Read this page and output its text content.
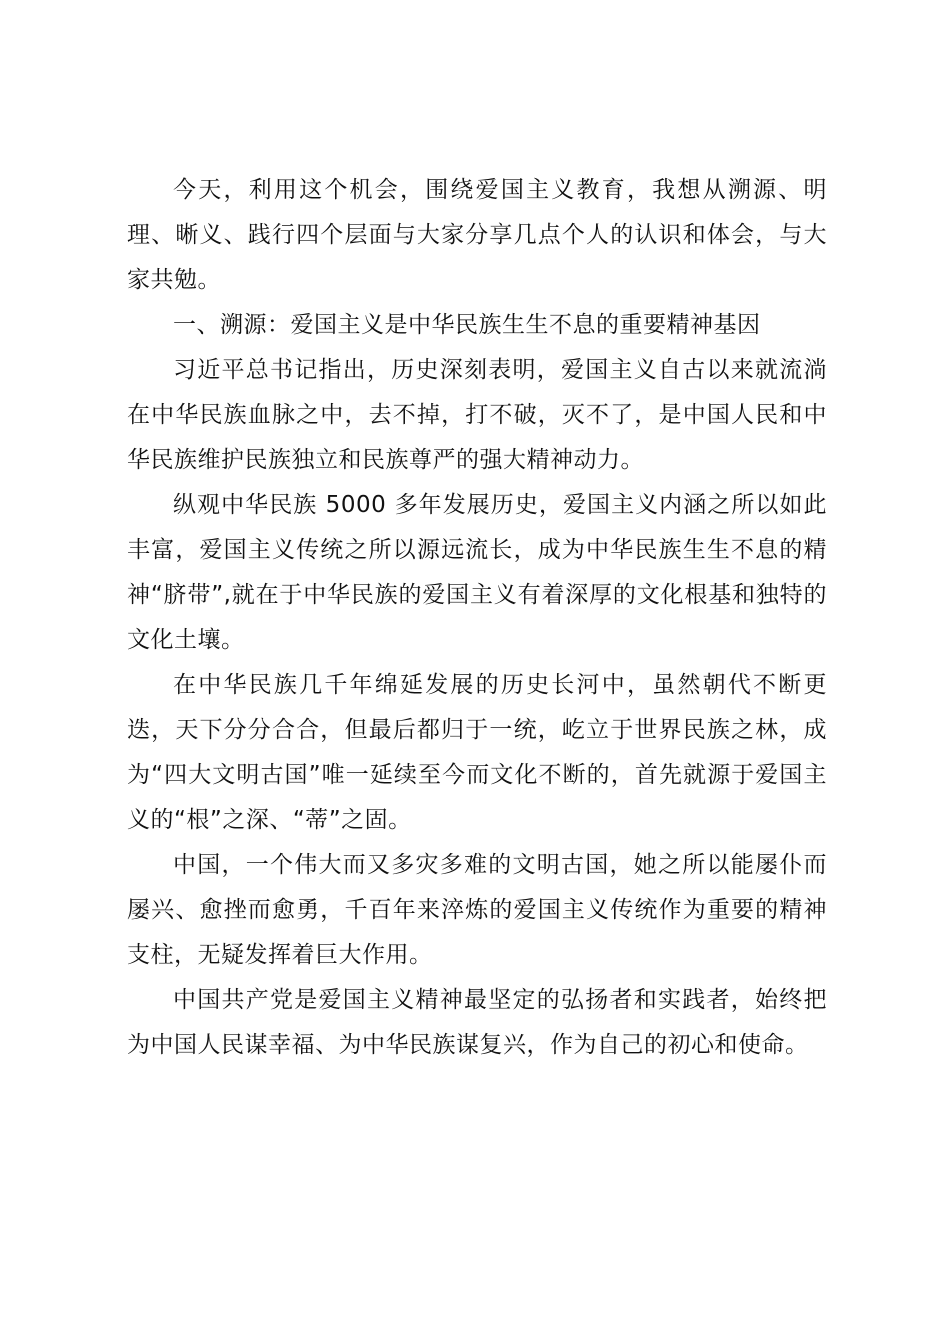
今天，利用这个机会，围绕爱国主义教育，我想从溯源、明理、晰义、践行四个层面与大家分享几点个人的认识和体会，与大家共勉。

一、溯源：爱国主义是中华民族生生不息的重要精神基因

习近平总书记指出，历史深刻表明，爱国主义自古以来就流淌在中华民族血脉之中，去不掉，打不破，灭不了，是中国人民和中华民族维护民族独立和民族尊严的强大精神动力。

纵观中华民族 5000 多年发展历史，爱国主义内涵之所以如此丰富，爱国主义传统之所以源远流长，成为中华民族生生不息的精神“脐带”,就在于中华民族的爱国主义有着深厚的文化根基和独特的文化土壤。

在中华民族几千年绵延发展的历史长河中，虽然朝代不断更迭，天下分分合合，但最后都归于一统，屹立于世界民族之林，成为“四大文明古国”唯一延续至今而文化不断的，首先就源于爱国主义的“根”之深、“蒂”之固。

中国，一个伟大而又多灾多难的文明古国，她之所以能屡仆而屡兴、愈挫而愈勇，千百年来淬炼的爱国主义传统作为重要的精神支柱，无疑发挥着巨大作用。

中国共产党是爱国主义精神最坚定的弘扬者和实践者，始终把为中国人民谋幸福、为中华民族谋复兴，作为自己的初心和使命。
